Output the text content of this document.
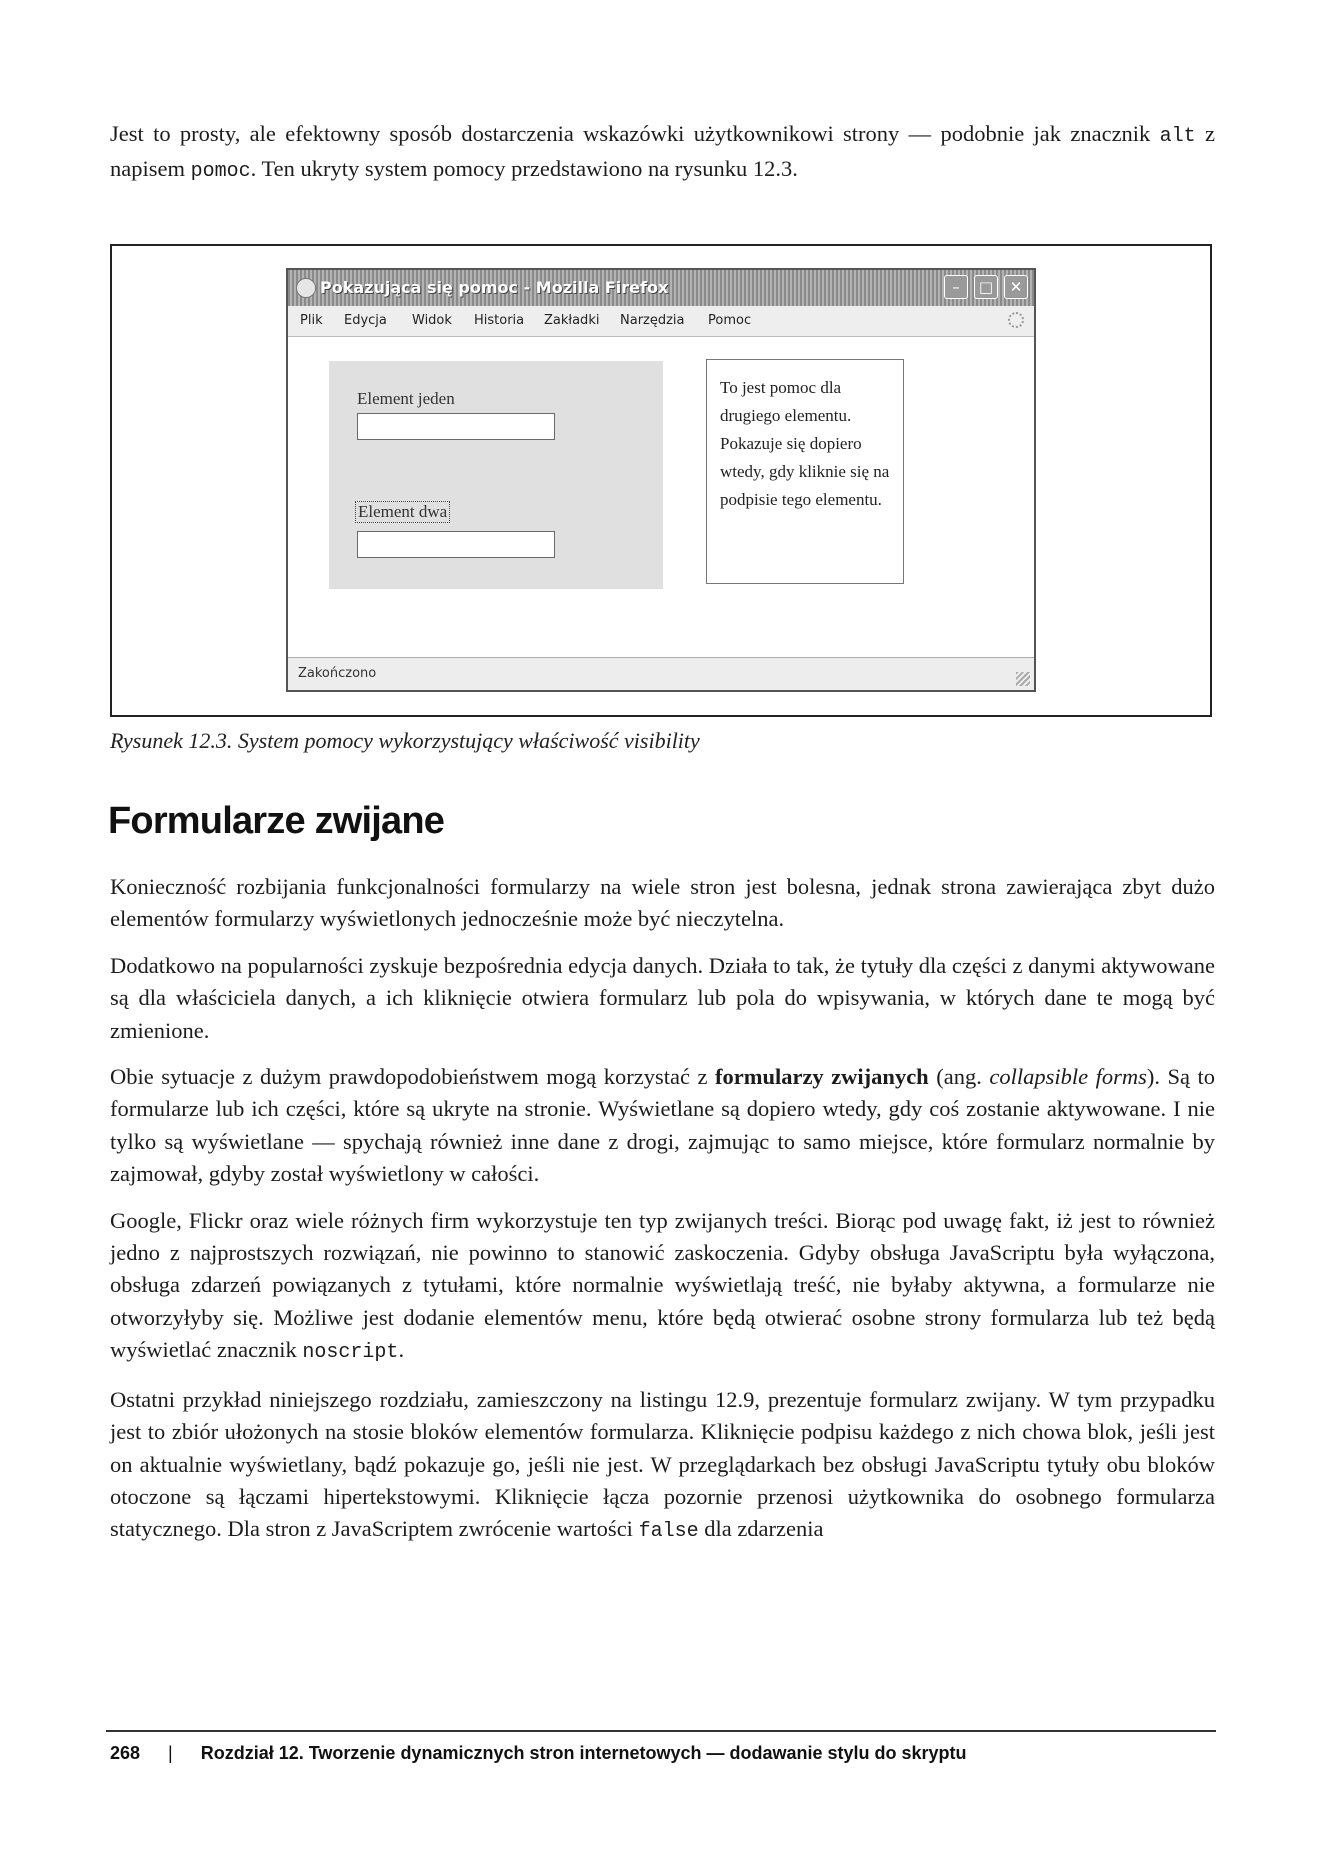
Jest to prosty, ale efektowny sposób dostarczenia wskazówki użytkownikowi strony — podobnie jak znacznik alt z napisem pomoc. Ten ukryty system pomocy przedstawiono na rysunku 12.3.

Pokazująca się pomoc - Mozilla Firefox	–	□	✕
Plik Edycja Widok Historia Zakładki Narzędzia Pomoc
Element jeden
Element dwa
To jest pomoc dla drugiego elementu. Pokazuje się dopiero wtedy, gdy kliknie się na podpisie tego elementu.
Zakończono
Rysunek 12.3. System pomocy wykorzystujący właściwość visibility
Formularze zwijane

Konieczność rozbijania funkcjonalności formularzy na wiele stron jest bolesna, jednak strona zawierająca zbyt dużo elementów formularzy wyświetlonych jednocześnie może być nieczytelna.

Dodatkowo na popularności zyskuje bezpośrednia edycja danych. Działa to tak, że tytuły dla części z danymi aktywowane są dla właściciela danych, a ich kliknięcie otwiera formularz lub pola do wpisywania, w których dane te mogą być zmienione.

Obie sytuacje z dużym prawdopodobieństwem mogą korzystać z formularzy zwijanych (ang. collapsible forms). Są to formularze lub ich części, które są ukryte na stronie. Wyświetlane są dopiero wtedy, gdy coś zostanie aktywowane. I nie tylko są wyświetlane — spychają również inne dane z drogi, zajmując to samo miejsce, które formularz normalnie by zajmował, gdyby został wyświetlony w całości.

Google, Flickr oraz wiele różnych firm wykorzystuje ten typ zwijanych treści. Biorąc pod uwagę fakt, iż jest to również jedno z najprostszych rozwiązań, nie powinno to stanowić zaskoczenia. Gdyby obsługa JavaScriptu była wyłączona, obsługa zdarzeń powiązanych z tytułami, które normalnie wyświetlają treść, nie byłaby aktywna, a formularze nie otworzyłyby się. Możliwe jest dodanie elementów menu, które będą otwierać osobne strony formularza lub też będą wyświetlać znacznik noscript.

Ostatni przykład niniejszego rozdziału, zamieszczony na listingu 12.9, prezentuje formularz zwijany. W tym przypadku jest to zbiór ułożonych na stosie bloków elementów formularza. Kliknięcie podpisu każdego z nich chowa blok, jeśli jest on aktualnie wyświetlany, bądź pokazuje go, jeśli nie jest. W przeglądarkach bez obsługi JavaScriptu tytuły obu bloków otoczone są łączami hipertekstowymi. Kliknięcie łącza pozornie przenosi użytkownika do osobnego formularza statycznego. Dla stron z JavaScriptem zwrócenie wartości false dla zdarzenia

268 | Rozdział 12. Tworzenie dynamicznych stron internetowych — dodawanie stylu do skryptu
